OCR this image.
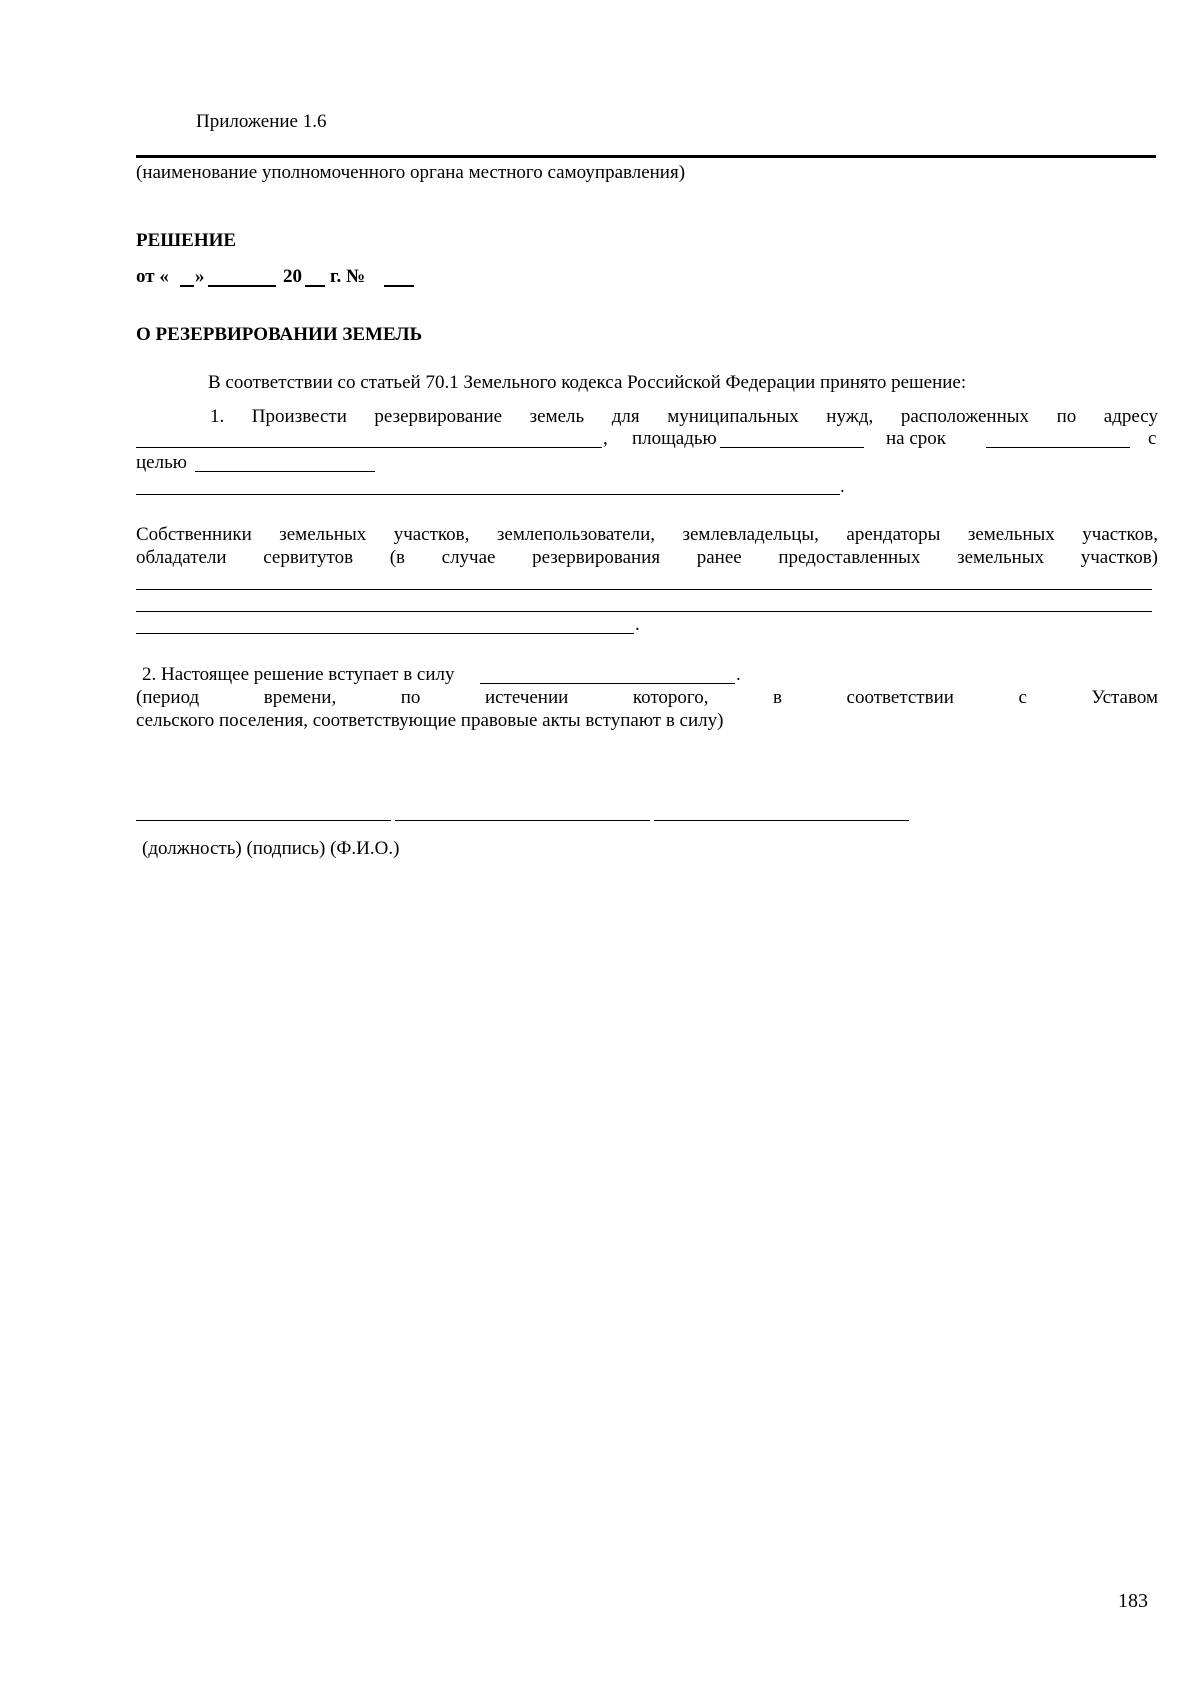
Приложение 1.6
(наименование уполномоченного органа местного самоуправления)
РЕШЕНИЕ
от « »	20 г. №
О РЕЗЕРВИРОВАНИИ ЗЕМЕЛЬ
В соответствии со статьей 70.1 Земельного кодекса Российской Федерации принято решение:
1. Произвести резервирование земель для муниципальных нужд, расположенных по адресу
, площадью	на срок	с
целью
.
Собственники земельных участков, землепользователи, землевладельцы, арендаторы земельных участков,
обладатели сервитутов (в случае резервирования ранее предоставленных земельных участков)
.
2. Настоящее решение вступает в силу	.
(период времени, по истечении которого, в соответствии с Уставом
сельского поселения, соответствующие правовые акты вступают в силу)
(должность) (подпись) (Ф.И.О.)
183
